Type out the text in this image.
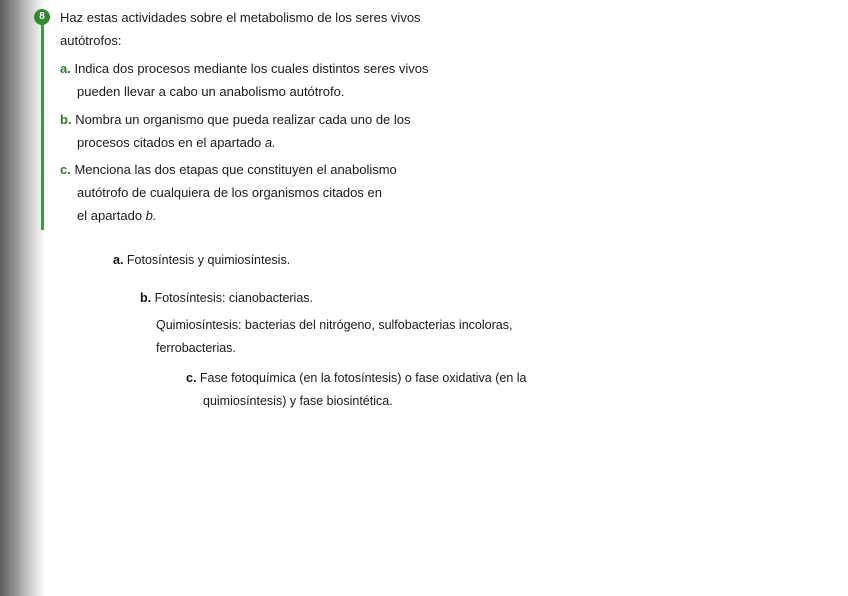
8	Haz estas actividades sobre el metabolismo de los seres vivos

autótrofos:

a. Indica dos procesos mediante los cuales distintos seres vivos

pueden llevar a cabo un anabolismo autótrofo.

b. Nombra un organismo que pueda realizar cada uno de los

procesos citados en el apartado a.

c. Menciona las dos etapas que constituyen el anabolismo

autótrofo de cualquiera de los organismos citados en

el apartado b.

a. Fotosíntesis y quimiosíntesis.

b. Fotosíntesis: cianobacterias.

Quimiosíntesis: bacterias del nitrógeno, sulfobacterias incoloras,

ferrobacterias.

c. Fase fotoquímica (en la fotosíntesis) o fase oxidativa (en la

quimiosíntesis) y fase biosintética.
